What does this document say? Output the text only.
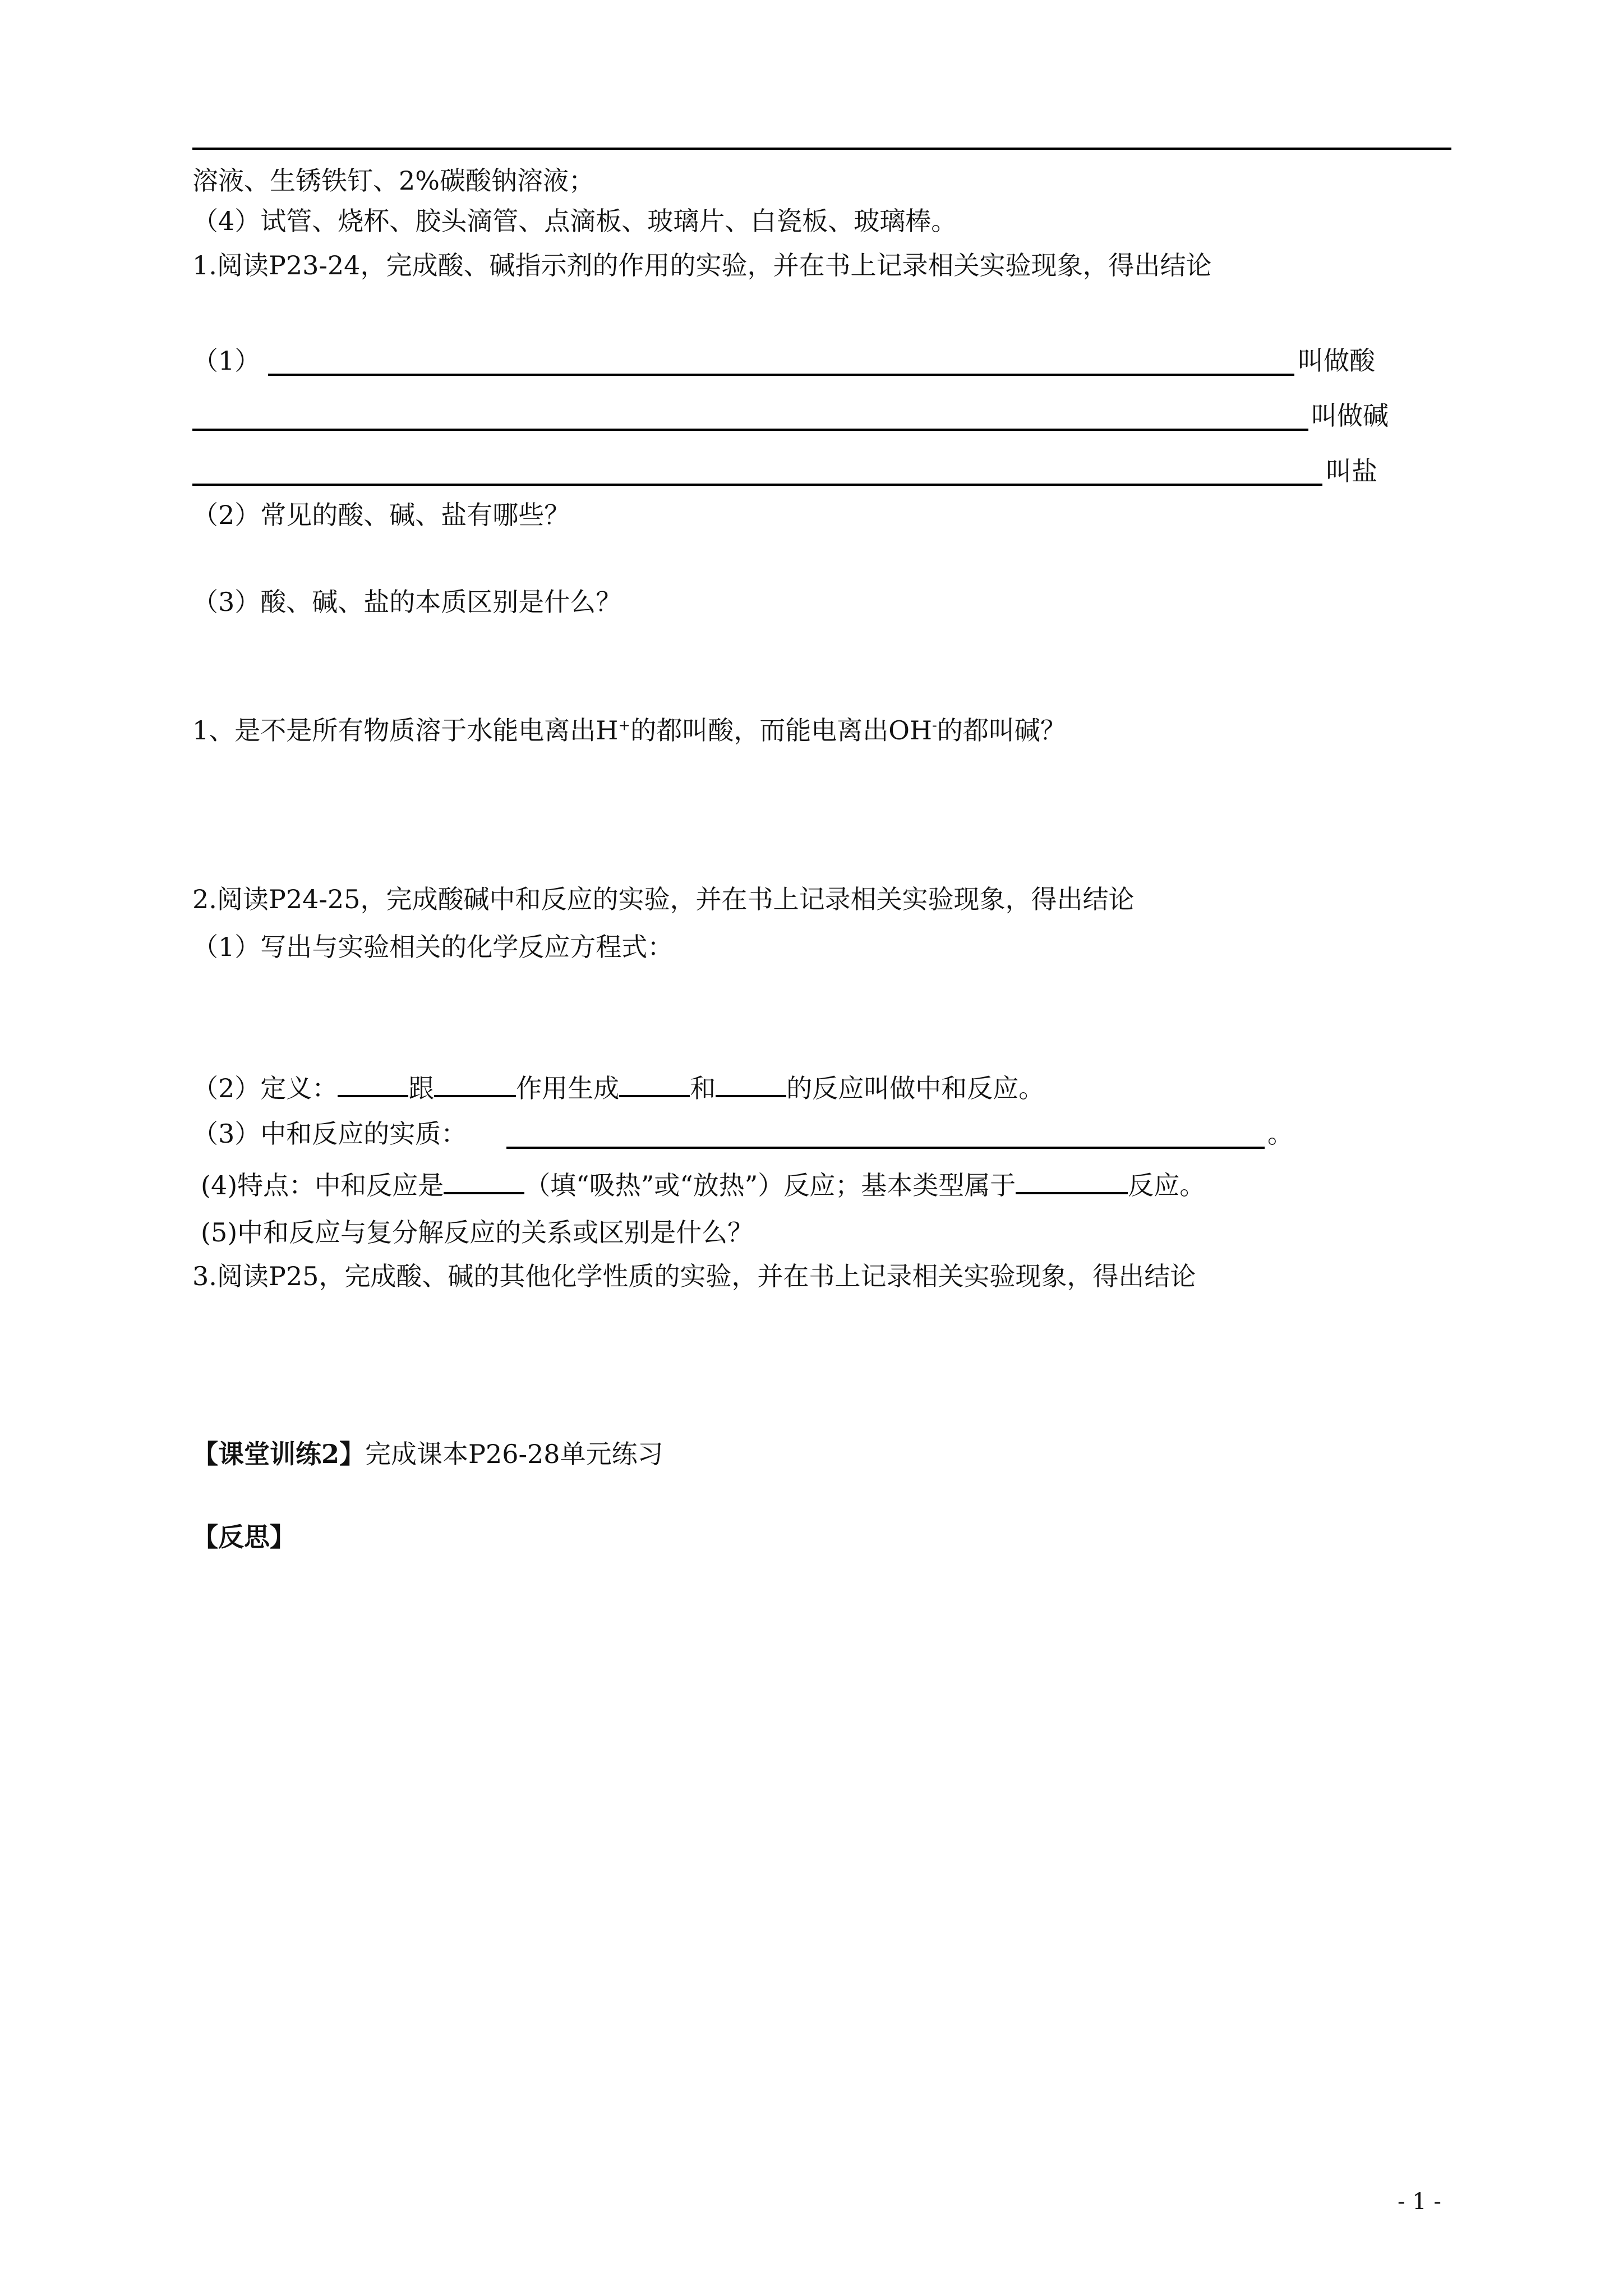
溶液、生锈铁钉、2%碳酸钠溶液；
（4）试管、烧杯、胶头滴管、点滴板、玻璃片、白瓷板、玻璃棒。
1.阅读P23-24，完成酸、碱指示剂的作用的实验，并在书上记录相关实验现象，得出结论
（1）	叫做酸
叫做碱
叫盐
（2）常见的酸、碱、盐有哪些？
（3）酸、碱、盐的本质区别是什么？
1、是不是所有物质溶于水能电离出H+的都叫酸，而能电离出OH-的都叫碱？
2.阅读P24-25，完成酸碱中和反应的实验，并在书上记录相关实验现象，得出结论
（1）写出与实验相关的化学反应方程式：
（2）定义：	跟	作用生成	和	的反应叫做中和反应。
（3）中和反应的实质：	。
(4)特点：中和反应是	（填“吸热”或“放热”）反应；基本类型属于	反应。
(5)中和反应与复分解反应的关系或区别是什么？
3.阅读P25，完成酸、碱的其他化学性质的实验，并在书上记录相关实验现象，得出结论
【课堂训练2】完成课本P26-28单元练习
【反思】
- 1 -
